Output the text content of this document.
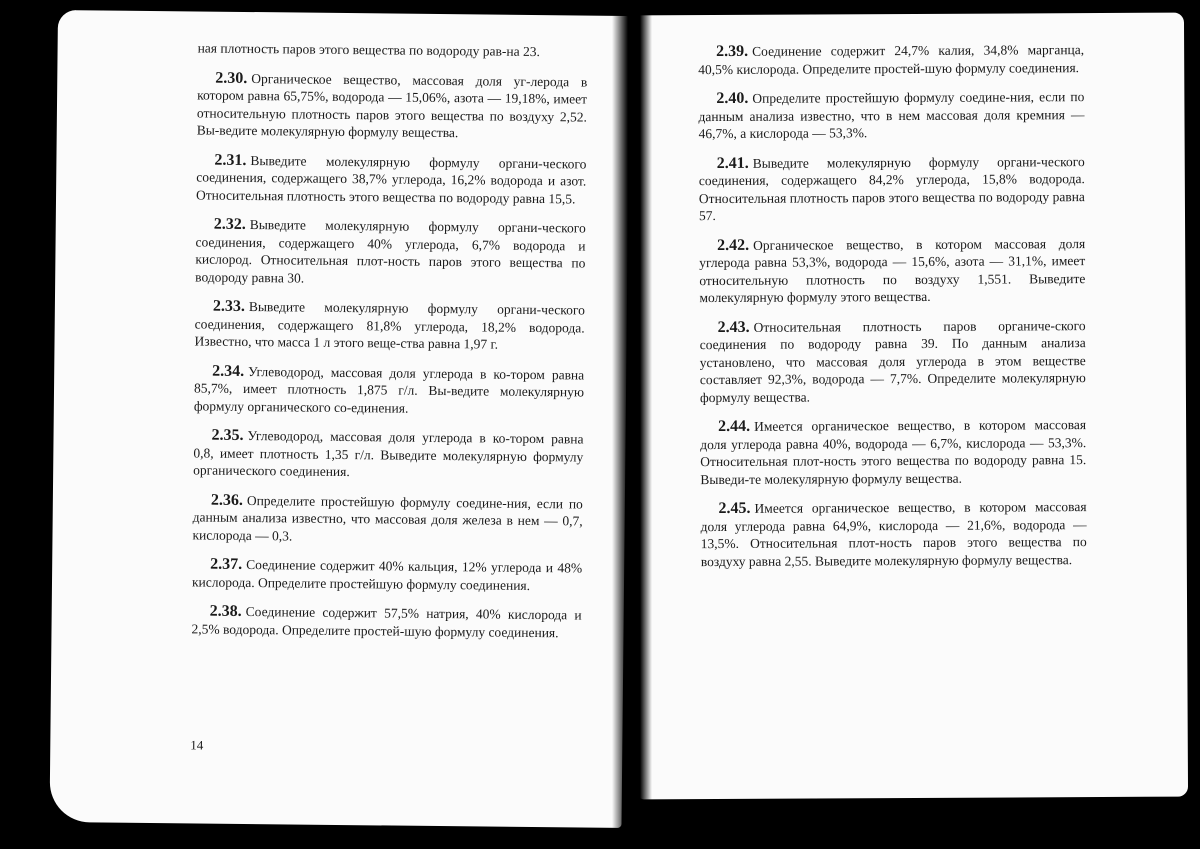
ная плотность паров этого вещества по водороду рав-на 23.

2.30. Органическое вещество, массовая доля уг-лерода в котором равна 65,75%, водорода — 15,06%, азота — 19,18%, имеет относительную плотность паров этого вещества по воздуху 2,52. Вы-ведите молекулярную формулу вещества.

2.31. Выведите молекулярную формулу органи-ческого соединения, содержащего 38,7% углерода, 16,2% водорода и азот. Относительная плотность этого вещества по водороду равна 15,5.

2.32. Выведите молекулярную формулу органи-ческого соединения, содержащего 40% углерода, 6,7% водорода и кислород. Относительная плот-ность паров этого вещества по водороду равна 30.

2.33. Выведите молекулярную формулу органи-ческого соединения, содержащего 81,8% углерода, 18,2% водорода. Известно, что масса 1 л этого веще-ства равна 1,97 г.

2.34. Углеводород, массовая доля углерода в ко-тором равна 85,7%, имеет плотность 1,875 г/л. Вы-ведите молекулярную формулу органического со-единения.

2.35. Углеводород, массовая доля углерода в ко-тором равна 0,8, имеет плотность 1,35 г/л. Выведите молекулярную формулу органического соединения.

2.36. Определите простейшую формулу соедине-ния, если по данным анализа известно, что массовая доля железа в нем — 0,7, кислорода — 0,3.

2.37. Соединение содержит 40% кальция, 12% углерода и 48% кислорода. Определите простейшую формулу соединения.

2.38. Соединение содержит 57,5% натрия, 40% кислорода и 2,5% водорода. Определите простей-шую формулу соединения.

14

2.39. Соединение содержит 24,7% калия, 34,8% марганца, 40,5% кислорода. Определите простей-шую формулу соединения.

2.40. Определите простейшую формулу соедине-ния, если по данным анализа известно, что в нем массовая доля кремния — 46,7%, а кислорода — 53,3%.

2.41. Выведите молекулярную формулу органи-ческого соединения, содержащего 84,2% углерода, 15,8% водорода. Относительная плотность паров этого вещества по водороду равна 57.

2.42. Органическое вещество, в котором массовая доля углерода равна 53,3%, водорода — 15,6%, азота — 31,1%, имеет относительную плотность по воздуху 1,551. Выведите молекулярную формулу этого вещества.

2.43. Относительная плотность паров органиче-ского соединения по водороду равна 39. По данным анализа установлено, что массовая доля углерода в этом веществе составляет 92,3%, водорода — 7,7%. Определите молекулярную формулу вещества.

2.44. Имеется органическое вещество, в котором массовая доля углерода равна 40%, водорода — 6,7%, кислорода — 53,3%. Относительная плот-ность этого вещества по водороду равна 15. Выведи-те молекулярную формулу вещества.

2.45. Имеется органическое вещество, в котором массовая доля углерода равна 64,9%, кислорода — 21,6%, водорода — 13,5%. Относительная плот-ность паров этого вещества по воздуху равна 2,55. Выведите молекулярную формулу вещества.
